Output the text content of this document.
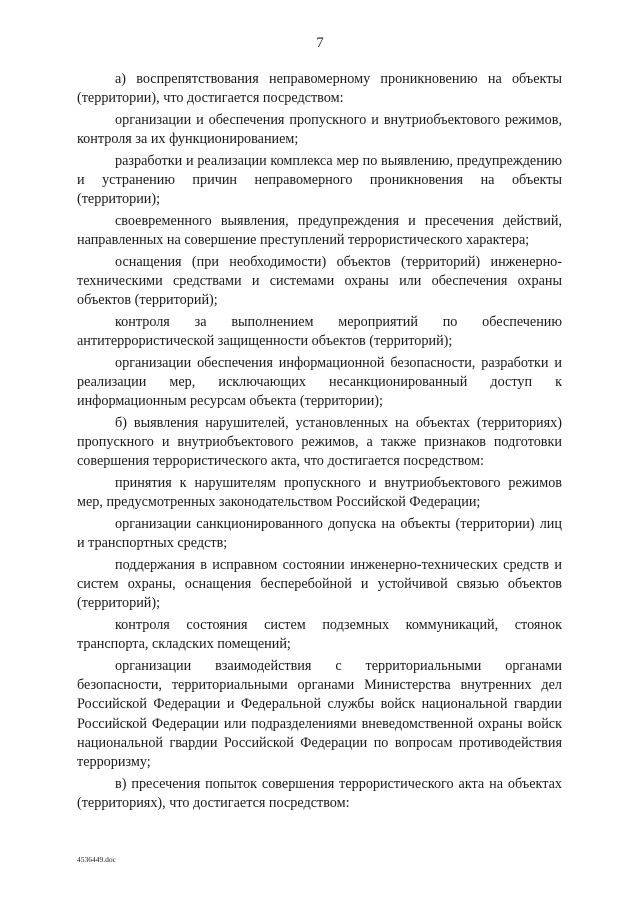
7

а) воспрепятствования неправомерному проникновению на объекты (территории), что достигается посредством:

организации и обеспечения пропускного и внутриобъектового режимов, контроля за их функционированием;

разработки и реализации комплекса мер по выявлению, предупреждению и устранению причин неправомерного проникновения на объекты (территории);

своевременного выявления, предупреждения и пресечения действий, направленных на совершение преступлений террористического характера;

оснащения (при необходимости) объектов (территорий) инженерно-техническими средствами и системами охраны или обеспечения охраны объектов (территорий);

контроля за выполнением мероприятий по обеспечению антитеррористической защищенности объектов (территорий);

организации обеспечения информационной безопасности, разработки и реализации мер, исключающих несанкционированный доступ к информационным ресурсам объекта (территории);

б) выявления нарушителей, установленных на объектах (территориях) пропускного и внутриобъектового режимов, а также признаков подготовки совершения террористического акта, что достигается посредством:

принятия к нарушителям пропускного и внутриобъектового режимов мер, предусмотренных законодательством Российской Федерации;

организации санкционированного допуска на объекты (территории) лиц и транспортных средств;

поддержания в исправном состоянии инженерно-технических средств и систем охраны, оснащения бесперебойной и устойчивой связью объектов (территорий);

контроля состояния систем подземных коммуникаций, стоянок транспорта, складских помещений;

организации взаимодействия с территориальными органами безопасности, территориальными органами Министерства внутренних дел Российской Федерации и Федеральной службы войск национальной гвардии Российской Федерации или подразделениями вневедомственной охраны войск национальной гвардии Российской Федерации по вопросам противодействия терроризму;

в) пресечения попыток совершения террористического акта на объектах (территориях), что достигается посредством:

4536449.doc
